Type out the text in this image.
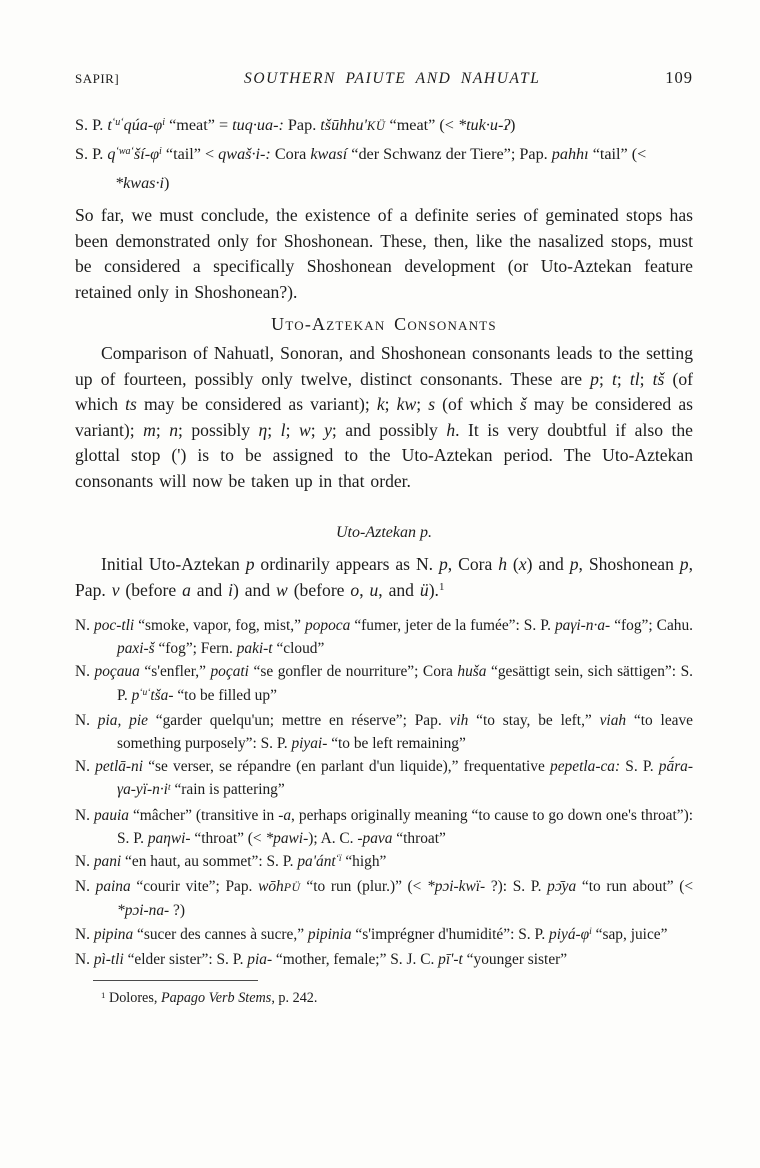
SAPIR]	SOUTHERN PAIUTE AND NAHUATL	109
S. P. $t^{ʻuʻ}qúa-\varphi^i$ “meat” = tuq·ua-: Pap. tšūhhu'KÜ “meat” (< *tuk·u-ʔ)
S. P. $q^{ʻwaʻ}ší-\varphi^i$ “tail” < qwaš·i-: Cora kwasí “der Schwanz der Tiere”; Pap. pahhı “tail” (< *kwas·i)

So far, we must conclude, the existence of a definite series of geminated stops has been demonstrated only for Shoshonean. These, then, like the nasalized stops, must be considered a specifically Shoshonean development (or Uto-Aztekan feature retained only in Shoshonean?).

Uto-Aztekan Consonants

Comparison of Nahuatl, Sonoran, and Shoshonean consonants leads to the setting up of fourteen, possibly only twelve, distinct consonants. These are p; t; tl; tš (of which ts may be considered as variant); k; kw; s (of which š may be considered as variant); m; n; possibly η; l; w; y; and possibly h. It is very doubtful if also the glottal stop (') is to be assigned to the Uto-Aztekan period. The Uto-Aztekan consonants will now be taken up in that order.

Uto-Aztekan p.

Initial Uto-Aztekan p ordinarily appears as N. p, Cora h (x) and p, Shoshonean p, Pap. v (before a and i) and w (before o, u, and ü).$^1$

N. poc-tli “smoke, vapor, fog, mist,” popoca “fumer, jeter de la fumée”: S. P. paγi-n·a- “fog”; Cahu. paxi-š “fog”; Fern. paki-t “cloud”
N. poçaua “s'enfler,” poçati “se gonfler de nourriture”; Cora huša “gesättigt sein, sich sättigen”: S. P. $p^{ʻuʻ}tša-$ “to be filled up”
N. pia, pie “garder quelqu'un; mettre en réserve”; Pap. vih “to stay, be left,” viah “to leave something purposely”: S. P. piyai- “to be left remaining”
N. petlā-ni “se verser, se répandre (en parlant d'un liquide),” frequentative pepetla-ca: S. P. $pā́ra-\gamma a-yï-n\cdot i^t$ “rain is pattering”
N. pauia “mâcher” (transitive in -a, perhaps originally meaning “to cause to go down one's throat”): S. P. paηwi- “throat” (< *pawi-); A. C. -pava “throat”
N. pani “en haut, au sommet”: S. P. pa'ánt$^{ʻï}$ “high”
N. paina “courir vite”; Pap. wōhPÜ “to run (plur.)” (< *pɔi-kwï- ?): S. P. pɔ̄ya “to run about” (< *pɔi-na- ?)
N. pipina “sucer des cannes à sucre,” pipinia “s'imprégner d'humidité”: S. P. piyá-$\varphi^i$ “sap, juice”
N. pì-tli “elder sister”: S. P. pia- “mother, female;” S. J. C. pī'-t “younger sister”
$^1$ Dolores, Papago Verb Stems, p. 242.
